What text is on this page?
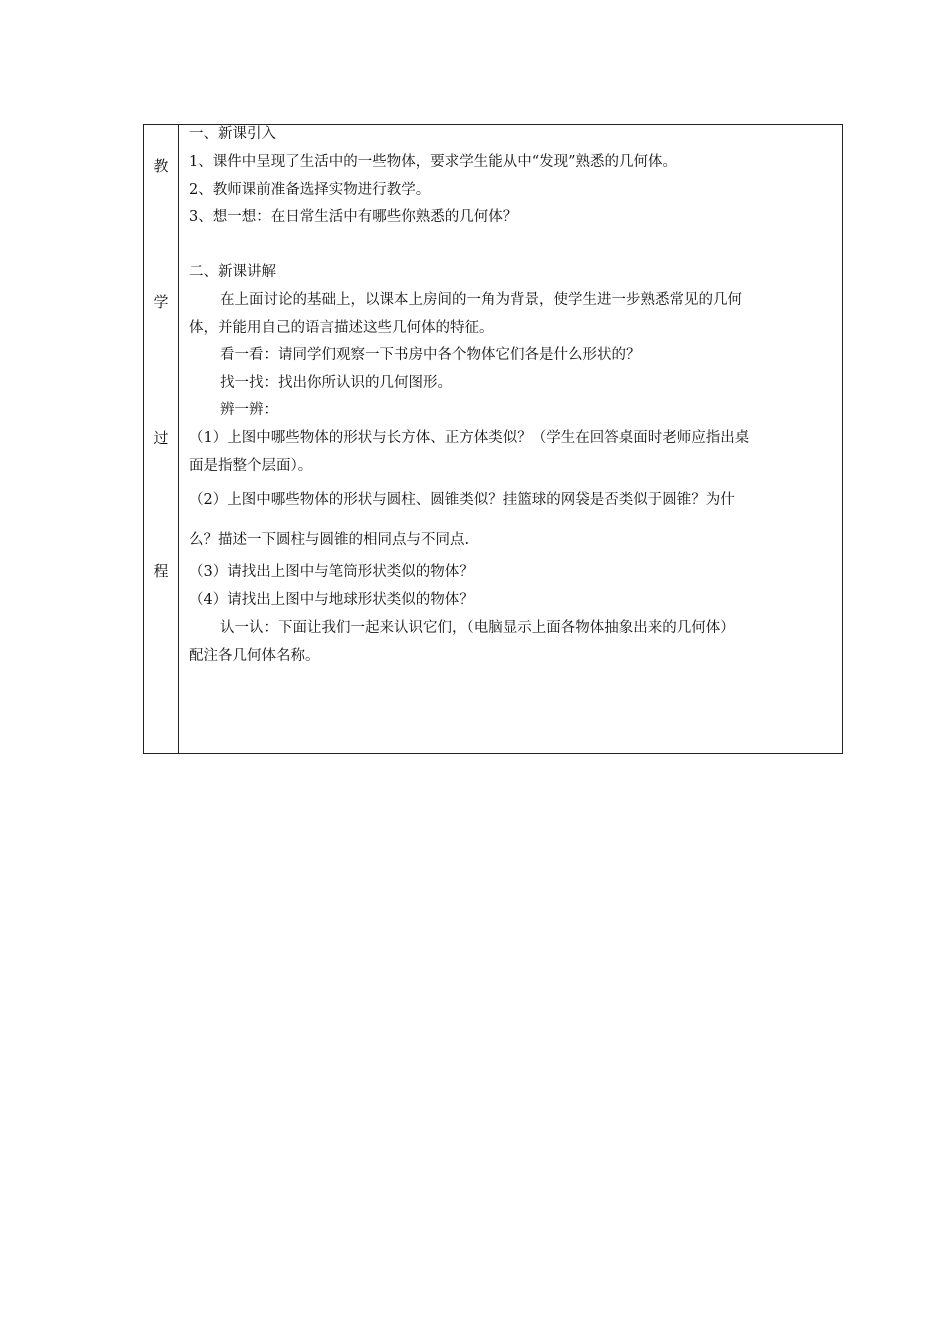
教
学
过
程
一、新课引入
1、课件中呈现了生活中的一些物体，要求学生能从中“发现”熟悉的几何体。
2、教师课前准备选择实物进行教学。
3、想一想：在日常生活中有哪些你熟悉的几何体？
二、新课讲解
在上面讨论的基础上，以课本上房间的一角为背景，使学生进一步熟悉常见的几何
体，并能用自己的语言描述这些几何体的特征。
看一看：请同学们观察一下书房中各个物体它们各是什么形状的？
找一找：找出你所认识的几何图形。
辨一辨：
（1）上图中哪些物体的形状与长方体、正方体类似？（学生在回答桌面时老师应指出桌
面是指整个层面）。
（2）上图中哪些物体的形状与圆柱、圆锥类似？挂篮球的网袋是否类似于圆锥？为什
么？描述一下圆柱与圆锥的相同点与不同点.
（3）请找出上图中与笔筒形状类似的物体？
（4）请找出上图中与地球形状类似的物体？
认一认：下面让我们一起来认识它们，（电脑显示上面各物体抽象出来的几何体）
配注各几何体名称。
